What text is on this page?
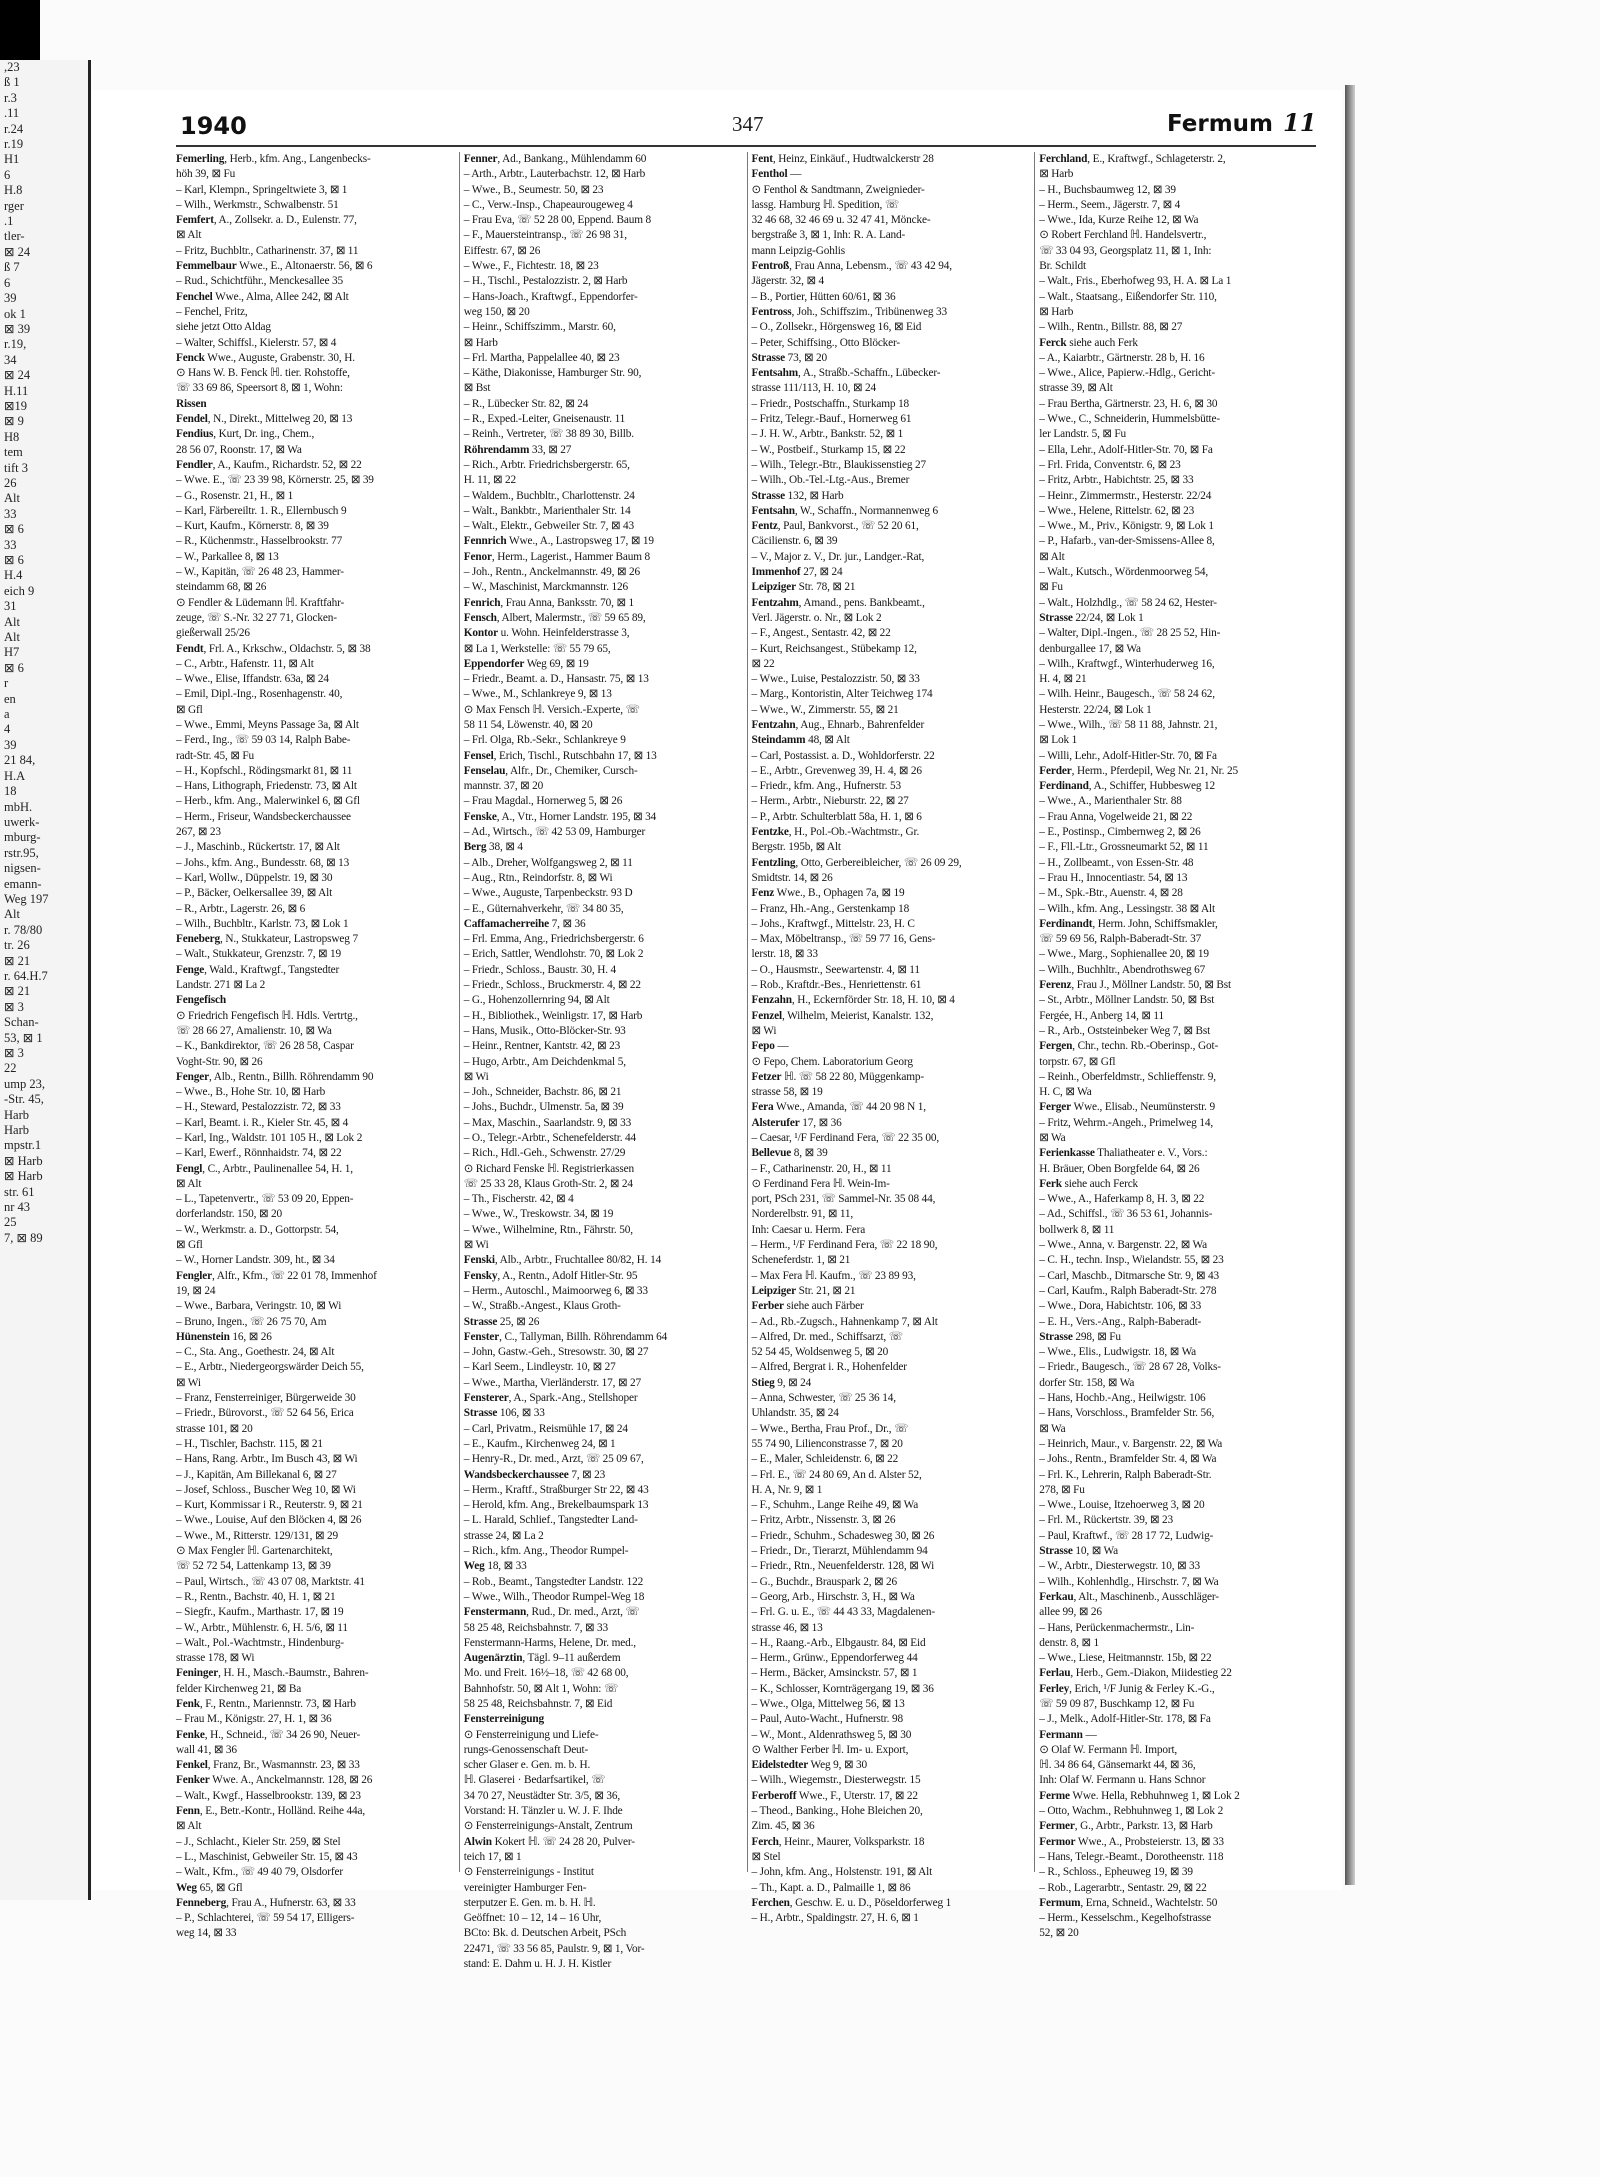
,23
ß 1
r.3
.11
r.24
r.19
H1
6
H.8
rger
.1
tler-
⊠ 24
ß 7
6
39
ok 1
⊠ 39
r.19,
34
⊠ 24
H.11
⊠19
⊠ 9
H8
tem
tift 3
26
Alt
33
⊠ 6
33
⊠ 6
H.4
eich 9
31
Alt
Alt
H7
⊠ 6
r
en
a
4
39
21 84,
H.A
18
mbH.
uwerk-
mburg-
rstr.95,
nigsen-
emann-
Weg 197
Alt
r. 78/80
tr. 26
⊠ 21
r. 64.H.7
⊠ 21
⊠ 3
Schan-
53, ⊠ 1
⊠ 3
22
ump 23,
-Str. 45,
Harb
Harb
mpstr.1
⊠ Harb
⊠ Harb
str. 61
nr 43
25
7, ⊠ 89
1940	347	Fermum 11
Femerling, Herb., kfm. Ang., Langenbecks-
höh 39, ⊠ Fu
– Karl, Klempn., Springeltwiete 3, ⊠ 1
– Wilh., Werkmstr., Schwalbenstr. 51
Femfert, A., Zollsekr. a. D., Eulenstr. 77,
⊠ Alt
– Fritz, Buchbltr., Catharinenstr. 37, ⊠ 11
Femmelbaur Wwe., E., Altonaerstr. 56, ⊠ 6
– Rud., Schichtführ., Menckesallee 35
Fenchel Wwe., Alma, Allee 242, ⊠ Alt
– Fenchel, Fritz,
siehe jetzt Otto Aldag
– Walter, Schiffsl., Kielerstr. 57, ⊠ 4
Fenck Wwe., Auguste, Grabenstr. 30, H.
⊙ Hans W. B. Fenck ℍ. tier. Rohstoffe,
☏ 33 69 86, Speersort 8, ⊠ 1, Wohn:
Rissen
Fendel, N., Direkt., Mittelweg 20, ⊠ 13
Fendius, Kurt, Dr. ing., Chem.,
28 56 07, Roonstr. 17, ⊠ Wa
Fendler, A., Kaufm., Richardstr. 52, ⊠ 22
– Wwe. E., ☏ 23 39 98, Körnerstr. 25, ⊠ 39
– G., Rosenstr. 21, H., ⊠ 1
– Karl, Färbereiltr. 1. R., Ellernbusch 9
– Kurt, Kaufm., Körnerstr. 8, ⊠ 39
– R., Küchenmstr., Hasselbrookstr. 77
– W., Parkallee 8, ⊠ 13
– W., Kapitän, ☏ 26 48 23, Hammer-
steindamm 68, ⊠ 26
⊙ Fendler & Lüdemann ℍ. Kraftfahr-
zeuge, ☏ S.-Nr. 32 27 71, Glocken-
gießerwall 25/26
Fendt, Frl. A., Krkschw., Oldachstr. 5, ⊠ 38
– C., Arbtr., Hafenstr. 11, ⊠ Alt
– Wwe., Elise, Iffandstr. 63a, ⊠ 24
– Emil, Dipl.-Ing., Rosenhagenstr. 40,
⊠ Gfl
– Wwe., Emmi, Meyns Passage 3a, ⊠ Alt
– Ferd., Ing., ☏ 59 03 14, Ralph Babe-
radt-Str. 45, ⊠ Fu
– H., Kopfschl., Rödingsmarkt 81, ⊠ 11
– Hans, Lithograph, Friedenstr. 73, ⊠ Alt
– Herb., kfm. Ang., Malerwinkel 6, ⊠ Gfl
– Herm., Friseur, Wandsbeckerchaussee
267, ⊠ 23
– J., Maschinb., Rückertstr. 17, ⊠ Alt
– Johs., kfm. Ang., Bundesstr. 68, ⊠ 13
– Karl, Wollw., Düppelstr. 19, ⊠ 30
– P., Bäcker, Oelkersallee 39, ⊠ Alt
– R., Arbtr., Lagerstr. 26, ⊠ 6
– Wilh., Buchbltr., Karlstr. 73, ⊠ Lok 1
Feneberg, N., Stukkateur, Lastropsweg 7
– Walt., Stukkateur, Grenzstr. 7, ⊠ 19
Fenge, Wald., Kraftwgf., Tangstedter
Landstr. 271 ⊠ La 2
Fengefisch
⊙ Friedrich Fengefisch ℍ. Hdls. Vertrtg.,
☏ 28 66 27, Amalienstr. 10, ⊠ Wa
– K., Bankdirektor, ☏ 26 28 58, Caspar
Voght-Str. 90, ⊠ 26
Fenger, Alb., Rentn., Billh. Röhrendamm 90
– Wwe., B., Hohe Str. 10, ⊠ Harb
– H., Steward, Pestalozzistr. 72, ⊠ 33
– Karl, Beamt. i. R., Kieler Str. 45, ⊠ 4
– Karl, Ing., Waldstr. 101 105 H., ⊠ Lok 2
– Karl, Ewerf., Rönnhaidstr. 74, ⊠ 22
Fengl, C., Arbtr., Paulinenallee 54, H. 1,
⊠ Alt
– L., Tapetenvertr., ☏ 53 09 20, Eppen-
dorferlandstr. 150, ⊠ 20
– W., Werkmstr. a. D., Gottorpstr. 54,
⊠ Gfl
– W., Horner Landstr. 309, ht., ⊠ 34
Fengler, Alfr., Kfm., ☏ 22 01 78, Immenhof
19, ⊠ 24
– Wwe., Barbara, Veringstr. 10, ⊠ Wi
– Bruno, Ingen., ☏ 26 75 70, Am
Hünenstein 16, ⊠ 26
– C., Sta. Ang., Goethestr. 24, ⊠ Alt
– E., Arbtr., Niedergeorgswärder Deich 55,
⊠ Wi
– Franz, Fensterreiniger, Bürgerweide 30
– Friedr., Bürovorst., ☏ 52 64 56, Erica
strasse 101, ⊠ 20
– H., Tischler, Bachstr. 115, ⊠ 21
– Hans, Rang. Arbtr., Im Busch 43, ⊠ Wi
– J., Kapitän, Am Billekanal 6, ⊠ 27
– Josef, Schloss., Buscher Weg 10, ⊠ Wi
– Kurt, Kommissar i R., Reuterstr. 9, ⊠ 21
– Wwe., Louise, Auf den Blöcken 4, ⊠ 26
– Wwe., M., Ritterstr. 129/131, ⊠ 29
⊙ Max Fengler ℍ. Gartenarchitekt,
☏ 52 72 54, Lattenkamp 13, ⊠ 39
– Paul, Wirtsch., ☏ 43 07 08, Marktstr. 41
– R., Rentn., Bachstr. 40, H. 1, ⊠ 21
– Siegfr., Kaufm., Marthastr. 17, ⊠ 19
– W., Arbtr., Mühlenstr. 6, H. 5/6, ⊠ 11
– Walt., Pol.-Wachtmstr., Hindenburg-
strasse 178, ⊠ Wi
Feninger, H. H., Masch.-Baumstr., Bahren-
felder Kirchenweg 21, ⊠ Ba
Fenk, F., Rentn., Mariennstr. 73, ⊠ Harb
– Frau M., Königstr. 27, H. 1, ⊠ 36
Fenke, H., Schneid., ☏ 34 26 90, Neuer-
wall 41, ⊠ 36
Fenkel, Franz, Br., Wasmannstr. 23, ⊠ 33
Fenker Wwe. A., Anckelmannstr. 128, ⊠ 26
– Walt., Kwgf., Hasselbrookstr. 139, ⊠ 23
Fenn, E., Betr.-Kontr., Holländ. Reihe 44a,
⊠ Alt
– J., Schlacht., Kieler Str. 259, ⊠ Stel
– L., Maschinist, Gebweiler Str. 15, ⊠ 43
– Walt., Kfm., ☏ 49 40 79, Olsdorfer
Weg 65, ⊠ Gfl
Fenneberg, Frau A., Hufnerstr. 63, ⊠ 33
– P., Schlachterei, ☏ 59 54 17, Elligers-
weg 14, ⊠ 33
Fenner, Ad., Bankang., Mühlendamm 60
– Arth., Arbtr., Lauterbachstr. 12, ⊠ Harb
– Wwe., B., Seumestr. 50, ⊠ 23
– C., Verw.-Insp., Chapeaurougeweg 4
– Frau Eva, ☏ 52 28 00, Eppend. Baum 8
– F., Mauersteintransp., ☏ 26 98 31,
Eiffestr. 67, ⊠ 26
– Wwe., F., Fichtestr. 18, ⊠ 23
– H., Tischl., Pestalozzistr. 2, ⊠ Harb
– Hans-Joach., Kraftwgf., Eppendorfer-
weg 150, ⊠ 20
– Heinr., Schiffszimm., Marstr. 60,
⊠ Harb
– Frl. Martha, Pappelallee 40, ⊠ 23
– Käthe, Diakonisse, Hamburger Str. 90,
⊠ Bst
– R., Lübecker Str. 82, ⊠ 24
– R., Exped.-Leiter, Gneisenaustr. 11
– Reinh., Vertreter, ☏ 38 89 30, Billb.
Röhrendamm 33, ⊠ 27
– Rich., Arbtr. Friedrichsbergerstr. 65,
H. 11, ⊠ 22
– Waldem., Buchbltr., Charlottenstr. 24
– Walt., Bankbtr., Marienthaler Str. 14
– Walt., Elektr., Gebweiler Str. 7, ⊠ 43
Fennrich Wwe., A., Lastropsweg 17, ⊠ 19
Fenor, Herm., Lagerist., Hammer Baum 8
– Joh., Rentn., Anckelmannstr. 49, ⊠ 26
– W., Maschinist, Marckmannstr. 126
Fenrich, Frau Anna, Banksstr. 70, ⊠ 1
Fensch, Albert, Malermstr., ☏ 59 65 89,
Kontor u. Wohn. Heinfelderstrasse 3,
⊠ La 1, Werkstelle: ☏ 55 79 65,
Eppendorfer Weg 69, ⊠ 19
– Friedr., Beamt. a. D., Hansastr. 75, ⊠ 13
– Wwe., M., Schlankreye 9, ⊠ 13
⊙ Max Fensch ℍ. Versich.-Experte, ☏
58 11 54, Löwenstr. 40, ⊠ 20
– Frl. Olga, Rb.-Sekr., Schlankreye 9
Fensel, Erich, Tischl., Rutschbahn 17, ⊠ 13
Fenselau, Alfr., Dr., Chemiker, Cursch-
mannstr. 37, ⊠ 20
– Frau Magdal., Hornerweg 5, ⊠ 26
Fenske, A., Vtr., Horner Landstr. 195, ⊠ 34
– Ad., Wirtsch., ☏ 42 53 09, Hamburger
Berg 38, ⊠ 4
– Alb., Dreher, Wolfgangsweg 2, ⊠ 11
– Aug., Rtn., Reindorfstr. 8, ⊠ Wi
– Wwe., Auguste, Tarpenbeckstr. 93 D
– E., Güternahverkehr, ☏ 34 80 35,
Caffamacherreihe 7, ⊠ 36
– Frl. Emma, Ang., Friedrichsbergerstr. 6
– Erich, Sattler, Wendlohstr. 70, ⊠ Lok 2
– Friedr., Schloss., Baustr. 30, H. 4
– Friedr., Schloss., Bruckmerstr. 4, ⊠ 22
– G., Hohenzollernring 94, ⊠ Alt
– H., Bibliothek., Weinligstr. 17, ⊠ Harb
– Hans, Musik., Otto-Blöcker-Str. 93
– Heinr., Rentner, Kantstr. 42, ⊠ 23
– Hugo, Arbtr., Am Deichdenkmal 5,
⊠ Wi
– Joh., Schneider, Bachstr. 86, ⊠ 21
– Johs., Buchdr., Ulmenstr. 5a, ⊠ 39
– Max, Maschin., Saarlandstr. 9, ⊠ 33
– O., Telegr.-Arbtr., Schenefelderstr. 44
– Rich., Hdl.-Geh., Schwenstr. 27/29
⊙ Richard Fenske ℍ. Registrierkassen
☏ 25 33 28, Klaus Groth-Str. 2, ⊠ 24
– Th., Fischerstr. 42, ⊠ 4
– Wwe., W., Treskowstr. 34, ⊠ 19
– Wwe., Wilhelmine, Rtn., Fährstr. 50,
⊠ Wi
Fenski, Alb., Arbtr., Fruchtallee 80/82, H. 14
Fensky, A., Rentn., Adolf Hitler-Str. 95
– Herm., Autoschl., Maimoorweg 6, ⊠ 33
– W., Straßb.-Angest., Klaus Groth-
Strasse 25, ⊠ 26
Fenster, C., Tallyman, Billh. Röhrendamm 64
– John, Gastw.-Geh., Stresowstr. 30, ⊠ 27
– Karl Seem., Lindleystr. 10, ⊠ 27
– Wwe., Martha, Vierländerstr. 17, ⊠ 27
Fensterer, A., Spark.-Ang., Stellshoper
Strasse 106, ⊠ 33
– Carl, Privatm., Reismühle 17, ⊠ 24
– E., Kaufm., Kirchenweg 24, ⊠ 1
– Henry-R., Dr. med., Arzt, ☏ 25 09 67,
Wandsbeckerchaussee 7, ⊠ 23
– Herm., Kraftf., Straßburger Str 22, ⊠ 43
– Herold, kfm. Ang., Brekelbaumspark 13
– L. Harald, Schlief., Tangstedter Land-
strasse 24, ⊠ La 2
– Rich., kfm. Ang., Theodor Rumpel-
Weg 18, ⊠ 33
– Rob., Beamt., Tangstedter Landstr. 122
– Wwe., Wilh., Theodor Rumpel-Weg 18
Fenstermann, Rud., Dr. med., Arzt, ☏
58 25 48, Reichsbahnstr. 7, ⊠ 33
Fenstermann-Harms, Helene, Dr. med.,
Augenärztin, Tägl. 9–11 außerdem
Mo. und Freit. 16½–18, ☏ 42 68 00,
Bahnhofstr. 50, ⊠ Alt 1, Wohn: ☏
58 25 48, Reichsbahnstr. 7, ⊠ Eid
Fensterreinigung
⊙ Fensterreinigung und Liefe-
rungs-Genossenschaft Deut-
scher Glaser e. Gen. m. b. H.
ℍ. Glaserei · Bedarfsartikel, ☏
34 70 27, Neustädter Str. 3/5, ⊠ 36,
Vorstand: H. Tänzler u. W. J. F. Ihde
⊙ Fensterreinigungs-Anstalt, Zentrum
Alwin Kokert ℍ. ☏ 24 28 20, Pulver-
teich 17, ⊠ 1
⊙ Fensterreinigungs - Institut
vereinigter Hamburger Fen-
sterputzer E. Gen. m. b. H. ℍ.
Geöffnet: 10 – 12, 14 – 16 Uhr,
BCto: Bk. d. Deutschen Arbeit, PSch
22471, ☏ 33 56 85, Paulstr. 9, ⊠ 1, Vor-
stand: E. Dahm u. H. J. H. Kistler
Fent, Heinz, Einkäuf., Hudtwalckerstr 28
Fenthol —
⊙ Fenthol & Sandtmann, Zweignieder-
lassg. Hamburg ℍ. Spedition, ☏
32 46 68, 32 46 69 u. 32 47 41, Möncke-
bergstraße 3, ⊠ 1, Inh: R. A. Land-
mann Leipzig-Gohlis
Fentroß, Frau Anna, Lebensm., ☏ 43 42 94,
Jägerstr. 32, ⊠ 4
– B., Portier, Hütten 60/61, ⊠ 36
Fentross, Joh., Schiffszim., Tribünenweg 33
– O., Zollsekr., Hörgensweg 16, ⊠ Eid
– Peter, Schiffsing., Otto Blöcker-
Strasse 73, ⊠ 20
Fentsahm, A., Straßb.-Schaffn., Lübecker-
strasse 111/113, H. 10, ⊠ 24
– Friedr., Postschaffn., Sturkamp 18
– Fritz, Telegr.-Bauf., Hornerweg 61
– J. H. W., Arbtr., Bankstr. 52, ⊠ 1
– W., Postbeif., Sturkamp 15, ⊠ 22
– Wilh., Telegr.-Btr., Blaukissenstieg 27
– Wilh., Ob.-Tel.-Ltg.-Aus., Bremer
Strasse 132, ⊠ Harb
Fentsahn, W., Schaffn., Normannenweg 6
Fentz, Paul, Bankvorst., ☏ 52 20 61,
Cäcilienstr. 6, ⊠ 39
– V., Major z. V., Dr. jur., Landger.-Rat,
Immenhof 27, ⊠ 24
Leipziger Str. 78, ⊠ 21
Fentzahm, Amand., pens. Bankbeamt.,
Verl. Jägerstr. o. Nr., ⊠ Lok 2
– F., Angest., Sentastr. 42, ⊠ 22
– Kurt, Reichsangest., Stübekamp 12,
⊠ 22
– Wwe., Luise, Pestalozzistr. 50, ⊠ 33
– Marg., Kontoristin, Alter Teichweg 174
– Wwe., W., Zimmerstr. 55, ⊠ 21
Fentzahn, Aug., Ehnarb., Bahrenfelder
Steindamm 48, ⊠ Alt
– Carl, Postassist. a. D., Wohldorferstr. 22
– E., Arbtr., Grevenweg 39, H. 4, ⊠ 26
– Friedr., kfm. Ang., Hufnerstr. 53
– Herm., Arbtr., Nieburstr. 22, ⊠ 27
– P., Arbtr. Schulterblatt 58a, H. 1, ⊠ 6
Fentzke, H., Pol.-Ob.-Wachtmstr., Gr.
Bergstr. 195b, ⊠ Alt
Fentzling, Otto, Gerbereibleicher, ☏ 26 09 29,
Smidtstr. 14, ⊠ 26
Fenz Wwe., B., Ophagen 7a, ⊠ 19
– Franz, Hh.-Ang., Gerstenkamp 18
– Johs., Kraftwgf., Mittelstr. 23, H. C
– Max, Möbeltransp., ☏ 59 77 16, Gens-
lerstr. 18, ⊠ 33
– O., Hausmstr., Seewartenstr. 4, ⊠ 11
– Rob., Kraftdr.-Bes., Henriettenstr. 61
Fenzahn, H., Eckernförder Str. 18, H. 10, ⊠ 4
Fenzel, Wilhelm, Meierist, Kanalstr. 132,
⊠ Wi
Fepo —
⊙ Fepo, Chem. Laboratorium Georg
Fetzer ℍ. ☏ 58 22 80, Müggenkamp-
strasse 58, ⊠ 19
Fera Wwe., Amanda, ☏ 44 20 98 N 1,
Alsterufer 17, ⊠ 36
– Caesar, ¹/F Ferdinand Fera, ☏ 22 35 00,
Bellevue 8, ⊠ 39
– F., Catharinenstr. 20, H., ⊠ 11
⊙ Ferdinand Fera ℍ. Wein-Im-
port, PSch 231, ☏ Sammel-Nr. 35 08 44,
Norderelbstr. 91, ⊠ 11,
Inh: Caesar u. Herm. Fera
– Herm., ¹/F Ferdinand Fera, ☏ 22 18 90,
Scheneferdstr. 1, ⊠ 21
– Max Fera ℍ. Kaufm., ☏ 23 89 93,
Leipziger Str. 21, ⊠ 21
Ferber siehe auch Färber
– Ad., Rb.-Zugsch., Hahnenkamp 7, ⊠ Alt
– Alfred, Dr. med., Schiffsarzt, ☏
52 54 45, Woldsenweg 5, ⊠ 20
– Alfred, Bergrat i. R., Hohenfelder
Stieg 9, ⊠ 24
– Anna, Schwester, ☏ 25 36 14,
Uhlandstr. 35, ⊠ 24
– Wwe., Bertha, Frau Prof., Dr., ☏
55 74 90, Lilienconstrasse 7, ⊠ 20
– E., Maler, Schleidenstr. 6, ⊠ 22
– Frl. E., ☏ 24 80 69, An d. Alster 52,
H. A, Nr. 9, ⊠ 1
– F., Schuhm., Lange Reihe 49, ⊠ Wa
– Fritz, Arbtr., Nissenstr. 3, ⊠ 26
– Friedr., Schuhm., Schadesweg 30, ⊠ 26
– Friedr., Dr., Tierarzt, Mühlendamm 94
– Friedr., Rtn., Neuenfelderstr. 128, ⊠ Wi
– G., Buchdr., Brauspark 2, ⊠ 26
– Georg, Arb., Hirschstr. 3, H., ⊠ Wa
– Frl. G. u. E., ☏ 44 43 33, Magdalenen-
strasse 46, ⊠ 13
– H., Raang.-Arb., Elbgaustr. 84, ⊠ Eid
– Herm., Grünw., Eppendorferweg 44
– Herm., Bäcker, Amsinckstr. 57, ⊠ 1
– K., Schlosser, Kornträgergang 19, ⊠ 36
– Wwe., Olga, Mittelweg 56, ⊠ 13
– Paul, Auto-Wacht., Hufnerstr. 98
– W., Mont., Aldenrathsweg 5, ⊠ 30
⊙ Walther Ferber ℍ. Im- u. Export,
Eidelstedter Weg 9, ⊠ 30
– Wilh., Wiegemstr., Diesterwegstr. 15
Ferberoff Wwe., F., Uterstr. 17, ⊠ 22
– Theod., Banking., Hohe Bleichen 20,
Zim. 45, ⊠ 36
Ferch, Heinr., Maurer, Volksparkstr. 18
⊠ Stel
– John, kfm. Ang., Holstenstr. 191, ⊠ Alt
– Th., Kapt. a. D., Palmaille 1, ⊠ 86
Ferchen, Geschw. E. u. D., Pöseldorferweg 1
– H., Arbtr., Spaldingstr. 27, H. 6, ⊠ 1
Ferchland, E., Kraftwgf., Schlageterstr. 2,
⊠ Harb
– H., Buchsbaumweg 12, ⊠ 39
– Herm., Seem., Jägerstr. 7, ⊠ 4
– Wwe., Ida, Kurze Reihe 12, ⊠ Wa
⊙ Robert Ferchland ℍ. Handelsvertr.,
☏ 33 04 93, Georgsplatz 11, ⊠ 1, Inh:
Br. Schildt
– Walt., Fris., Eberhofweg 93, H. A. ⊠ La 1
– Walt., Staatsang., Eißendorfer Str. 110,
⊠ Harb
– Wilh., Rentn., Billstr. 88, ⊠ 27
Ferck siehe auch Ferk
– A., Kaiarbtr., Gärtnerstr. 28 b, H. 16
– Wwe., Alice, Papierw.-Hdlg., Gericht-
strasse 39, ⊠ Alt
– Frau Bertha, Gärtnerstr. 23, H. 6, ⊠ 30
– Wwe., C., Schneiderin, Hummelsbütte-
ler Landstr. 5, ⊠ Fu
– Ella, Lehr., Adolf-Hitler-Str. 70, ⊠ Fa
– Frl. Frida, Conventstr. 6, ⊠ 23
– Fritz, Arbtr., Habichtstr. 25, ⊠ 33
– Heinr., Zimmermstr., Hesterstr. 22/24
– Wwe., Helene, Rittelstr. 62, ⊠ 23
– Wwe., M., Priv., Königstr. 9, ⊠ Lok 1
– P., Hafarb., van-der-Smissens-Allee 8,
⊠ Alt
– Walt., Kutsch., Wördenmoorweg 54,
⊠ Fu
– Walt., Holzhdlg., ☏ 58 24 62, Hester-
Strasse 22/24, ⊠ Lok 1
– Walter, Dipl.-Ingen., ☏ 28 25 52, Hin-
denburgallee 17, ⊠ Wa
– Wilh., Kraftwgf., Winterhuderweg 16,
H. 4, ⊠ 21
– Wilh. Heinr., Baugesch., ☏ 58 24 62,
Hesterstr. 22/24, ⊠ Lok 1
– Wwe., Wilh., ☏ 58 11 88, Jahnstr. 21,
⊠ Lok 1
– Willi, Lehr., Adolf-Hitler-Str. 70, ⊠ Fa
Ferder, Herm., Pferdepil, Weg Nr. 21, Nr. 25
Ferdinand, A., Schiffer, Hubbesweg 12
– Wwe., A., Marienthaler Str. 88
– Frau Anna, Vogelweide 21, ⊠ 22
– E., Postinsp., Cimbernweg 2, ⊠ 26
– F., Fll.-Ltr., Grossneumarkt 52, ⊠ 11
– H., Zollbeamt., von Essen-Str. 48
– Frau H., Innocentiastr. 54, ⊠ 13
– M., Spk.-Btr., Auenstr. 4, ⊠ 28
– Wilh., kfm. Ang., Lessingstr. 38 ⊠ Alt
Ferdinandt, Herm. John, Schiffsmakler,
☏ 59 69 56, Ralph-Baberadt-Str. 37
– Wwe., Marg., Sophienallee 20, ⊠ 19
– Wilh., Buchhltr., Abendrothsweg 67
Ferenz, Frau J., Möllner Landstr. 50, ⊠ Bst
– St., Arbtr., Möllner Landstr. 50, ⊠ Bst
Fergée, H., Anberg 14, ⊠ 11
– R., Arb., Oststeinbeker Weg 7, ⊠ Bst
Fergen, Chr., techn. Rb.-Oberinsp., Got-
torpstr. 67, ⊠ Gfl
– Reinh., Oberfeldmstr., Schlieffenstr. 9,
H. C, ⊠ Wa
Ferger Wwe., Elisab., Neumünsterstr. 9
– Fritz, Wehrm.-Angeh., Primelweg 14,
⊠ Wa
Ferienkasse Thaliatheater e. V., Vors.:
H. Bräuer, Oben Borgfelde 64, ⊠ 26
Ferk siehe auch Ferck
– Wwe., A., Haferkamp 8, H. 3, ⊠ 22
– Ad., Schiffsl., ☏ 36 53 61, Johannis-
bollwerk 8, ⊠ 11
– Wwe., Anna, v. Bargenstr. 22, ⊠ Wa
– C. H., techn. Insp., Wielandstr. 55, ⊠ 23
– Carl, Maschb., Ditmarsche Str. 9, ⊠ 43
– Carl, Kaufm., Ralph Baberadt-Str. 278
– Wwe., Dora, Habichtstr. 106, ⊠ 33
– E. H., Vers.-Ang., Ralph-Baberadt-
Strasse 298, ⊠ Fu
– Wwe., Elis., Ludwigstr. 18, ⊠ Wa
– Friedr., Baugesch., ☏ 28 67 28, Volks-
dorfer Str. 158, ⊠ Wa
– Hans, Hochb.-Ang., Heilwigstr. 106
– Hans, Vorschloss., Bramfelder Str. 56,
⊠ Wa
– Heinrich, Maur., v. Bargenstr. 22, ⊠ Wa
– Johs., Rentn., Bramfelder Str. 4, ⊠ Wa
– Frl. K., Lehrerin, Ralph Baberadt-Str.
278, ⊠ Fu
– Wwe., Louise, Itzehoerweg 3, ⊠ 20
– Frl. M., Rückertstr. 39, ⊠ 23
– Paul, Kraftwf., ☏ 28 17 72, Ludwig-
Strasse 10, ⊠ Wa
– W., Arbtr., Diesterwegstr. 10, ⊠ 33
– Wilh., Kohlenhdlg., Hirschstr. 7, ⊠ Wa
Ferkau, Alt., Maschinenb., Ausschläger-
allee 99, ⊠ 26
– Hans, Perückenmachermstr., Lin-
denstr. 8, ⊠ 1
– Wwe., Liese, Heitmannstr. 15b, ⊠ 22
Ferlau, Herb., Gem.-Diakon, Miidestieg 22
Ferley, Erich, ¹/F Junig & Ferley K.-G.,
☏ 59 09 87, Buschkamp 12, ⊠ Fu
– J., Melk., Adolf-Hitler-Str. 178, ⊠ Fa
Fermann —
⊙ Olaf W. Fermann ℍ. Import,
ℍ. 34 86 64, Gänsemarkt 44, ⊠ 36,
Inh: Olaf W. Fermann u. Hans Schnor
Ferme Wwe. Hella, Rebhuhnweg 1, ⊠ Lok 2
– Otto, Wachm., Rebhuhnweg 1, ⊠ Lok 2
Fermer, G., Arbtr., Parkstr. 13, ⊠ Harb
Fermor Wwe., A., Probsteierstr. 13, ⊠ 33
– Hans, Telegr.-Beamt., Dorotheenstr. 118
– R., Schloss., Epheuweg 19, ⊠ 39
– Rob., Lagerarbtr., Sentastr. 29, ⊠ 22
Fermum, Erna, Schneid., Wachtelstr. 50
– Herm., Kesselschm., Kegelhofstrasse
52, ⊠ 20
